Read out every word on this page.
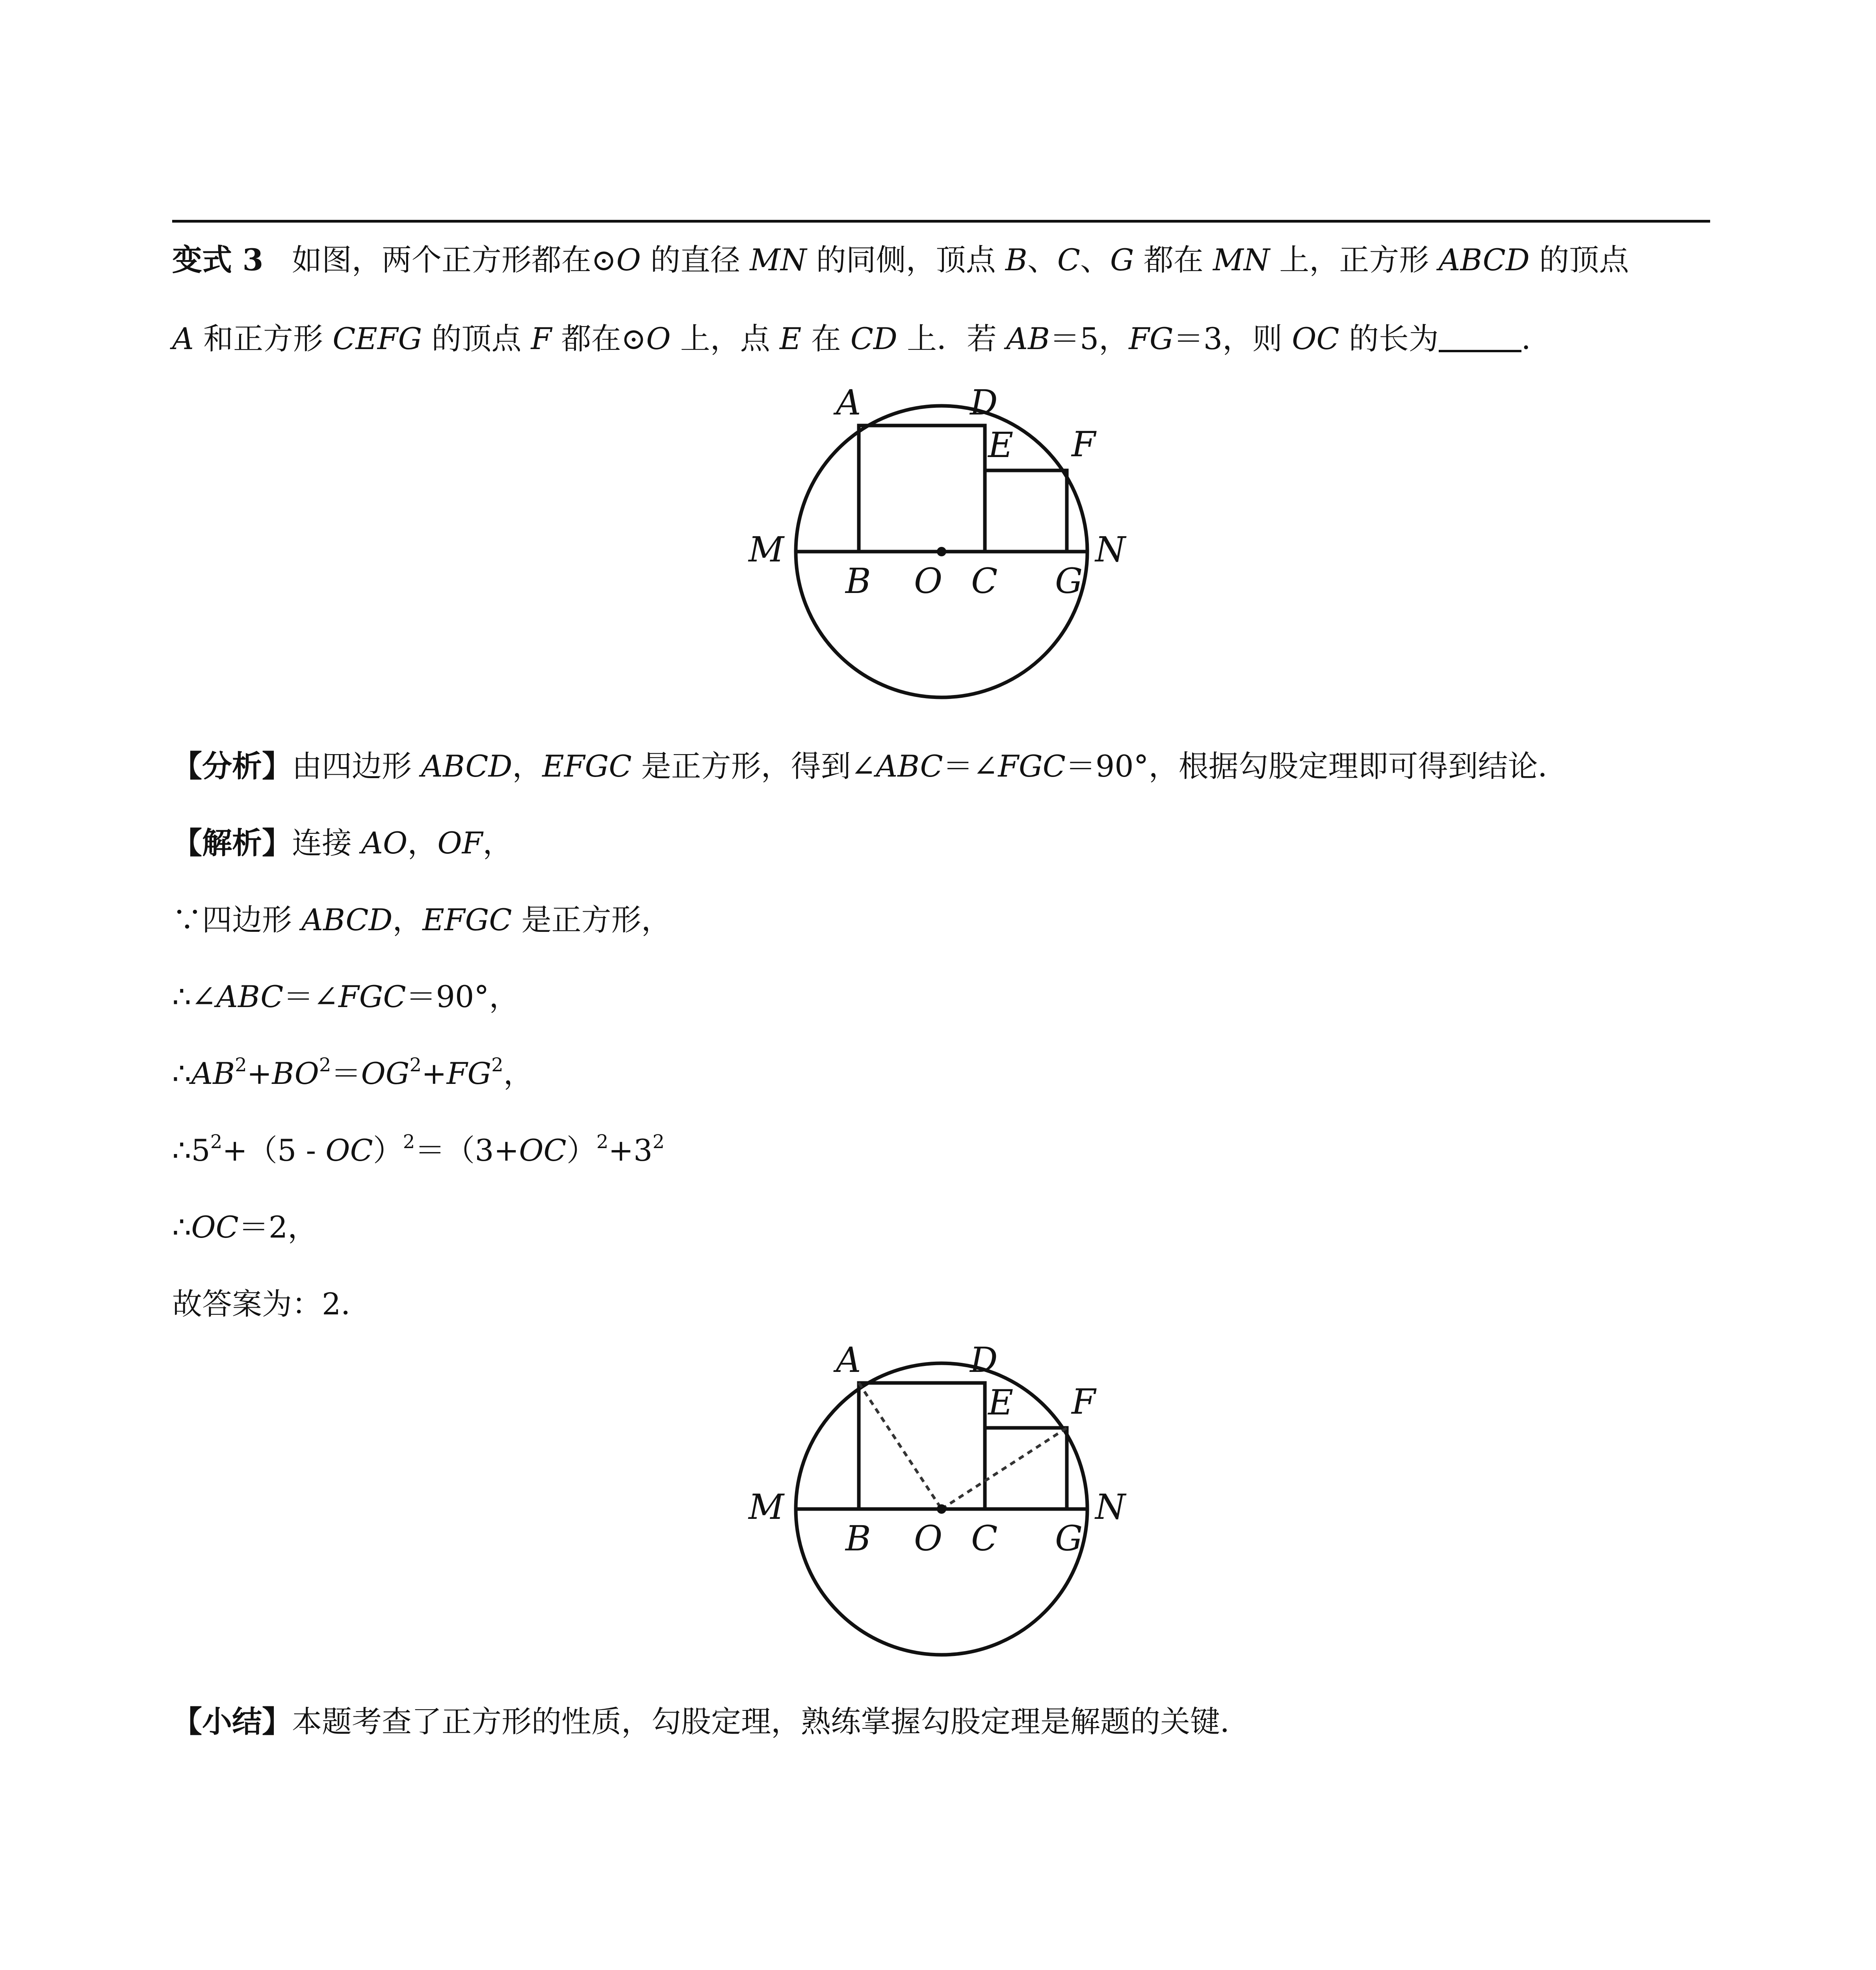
变式 3 如图，两个正方形都在⊙O 的直径 MN 的同侧，顶点 B、C、G 都在 MN 上，正方形 ABCD 的顶点
A 和正方形 CEFG 的顶点 F 都在⊙O 上，点 E 在 CD 上．若 AB＝5，FG＝3，则 OC 的长为	．
A	D
E F
M	N
B O C G
【分析】由四边形 ABCD，EFGC 是正方形，得到∠ABC＝∠FGC＝90°，根据勾股定理即可得到结论．
【解析】连接 AO，OF，
∵四边形 ABCD，EFGC 是正方形，
∴∠ABC＝∠FGC＝90°，
$\therefore AB^2+BO^2=OG^2+FG^2$，
$\therefore 5^2+(5 - OC)^2=(3+OC)^2+3^2$
∴OC＝2，
故答案为：2．
A	D
E F
M	N
B O C G
【小结】本题考查了正方形的性质，勾股定理，熟练掌握勾股定理是解题的关键．
